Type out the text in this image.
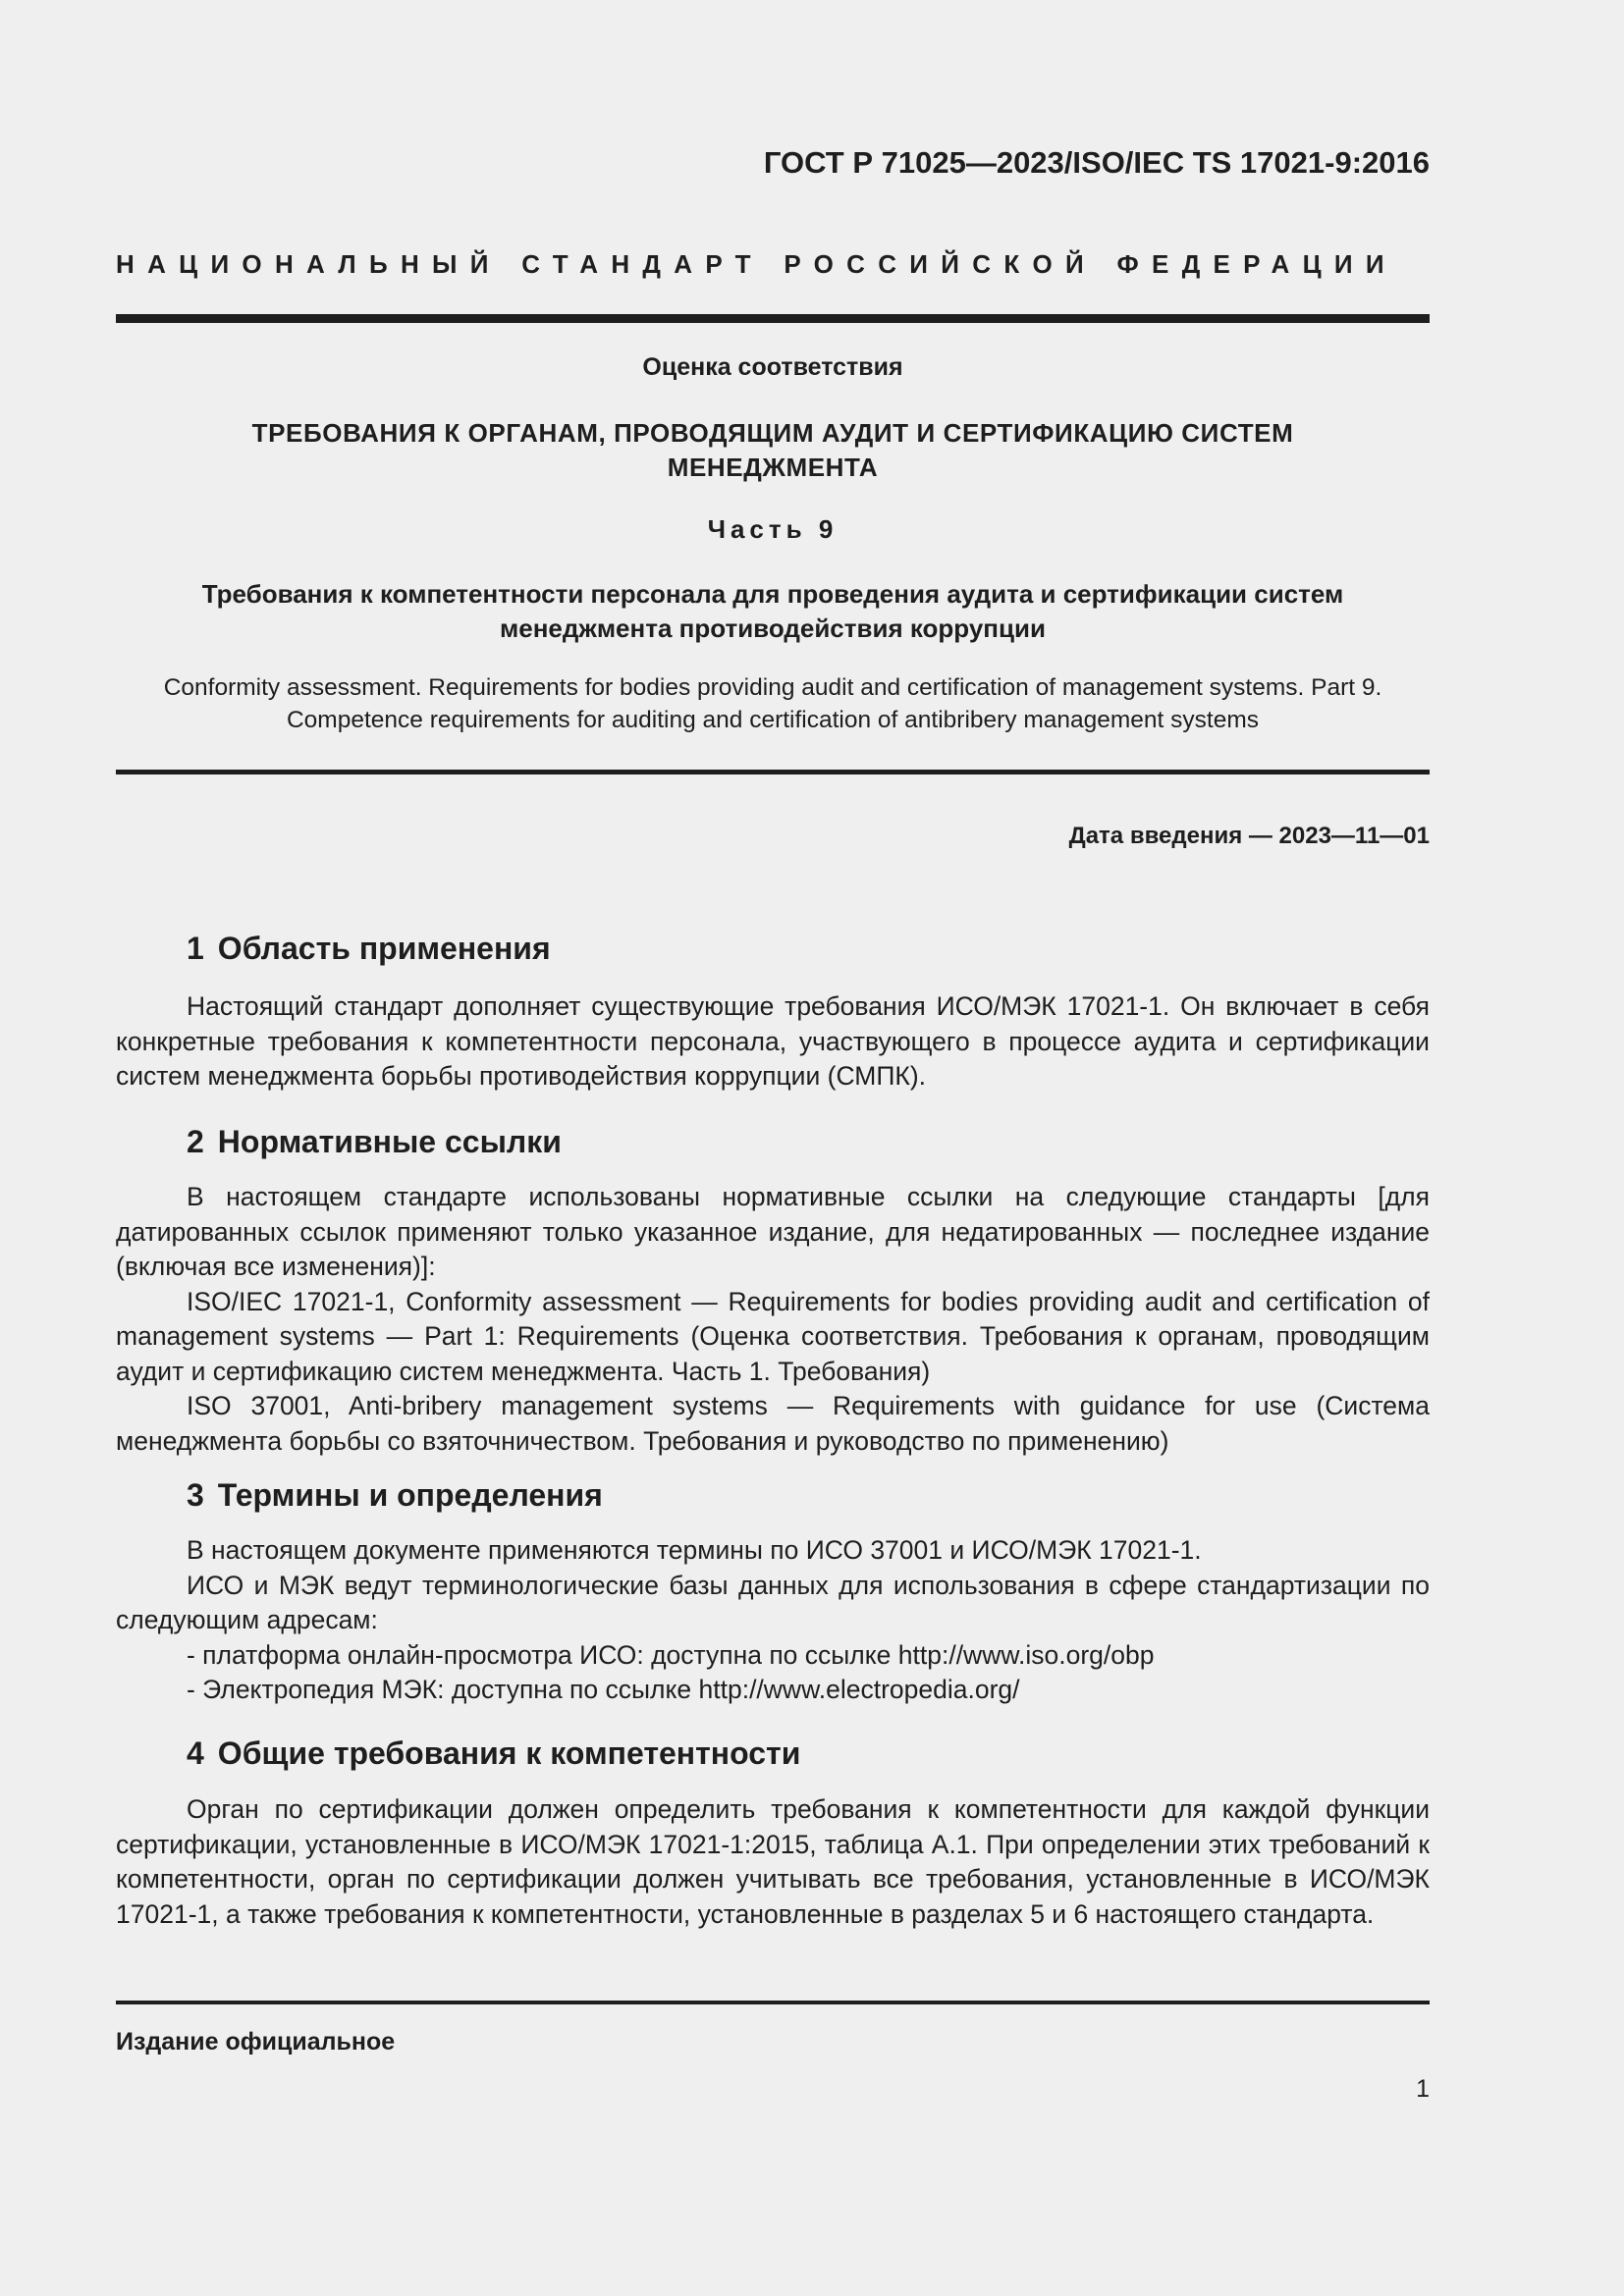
ГОСТ Р 71025—2023/ISO/IEC TS 17021-9:2016
НАЦИОНАЛЬНЫЙ СТАНДАРТ РОССИЙСКОЙ ФЕДЕРАЦИИ
Оценка соответствия
ТРЕБОВАНИЯ К ОРГАНАМ, ПРОВОДЯЩИМ АУДИТ И СЕРТИФИКАЦИЮ СИСТЕМ
МЕНЕДЖМЕНТА
Часть 9
Требования к компетентности персонала для проведения аудита и сертификации систем
менеджмента противодействия коррупции
Conformity assessment. Requirements for bodies providing audit and certification of management systems. Part 9.
Competence requirements for auditing and certification of antibribery management systems
Дата введения — 2023—11—01
1 Область применения

Настоящий стандарт дополняет существующие требования ИСО/МЭК 17021-1. Он включает в себя конкретные требования к компетентности персонала, участвующего в процессе аудита и сертификации систем менеджмента борьбы противодействия коррупции (СМПК).

2 Нормативные ссылки

В настоящем стандарте использованы нормативные ссылки на следующие стандарты [для датированных ссылок применяют только указанное издание, для недатированных — последнее издание (включая все изменения)]:

ISO/IEC 17021-1, Conformity assessment — Requirements for bodies providing audit and certification of management systems — Part 1: Requirements (Оценка соответствия. Требования к органам, проводящим аудит и сертификацию систем менеджмента. Часть 1. Требования)

ISO 37001, Anti-bribery management systems — Requirements with guidance for use (Система менеджмента борьбы со взяточничеством. Требования и руководство по применению)

3 Термины и определения

В настоящем документе применяются термины по ИСО 37001 и ИСО/МЭК 17021-1.

ИСО и МЭК ведут терминологические базы данных для использования в сфере стандартизации по следующим адресам:

- платформа онлайн-просмотра ИСО: доступна по ссылке http://www.iso.org/obp

- Электропедия МЭК: доступна по ссылке http://www.electropedia.org/

4 Общие требования к компетентности

Орган по сертификации должен определить требования к компетентности для каждой функции сертификации, установленные в ИСО/МЭК 17021-1:2015, таблица А.1. При определении этих требований к компетентности, орган по сертификации должен учитывать все требования, установленные в ИСО/МЭК 17021-1, а также требования к компетентности, установленные в разделах 5 и 6 настоящего стандарта.

Издание официальное
1
